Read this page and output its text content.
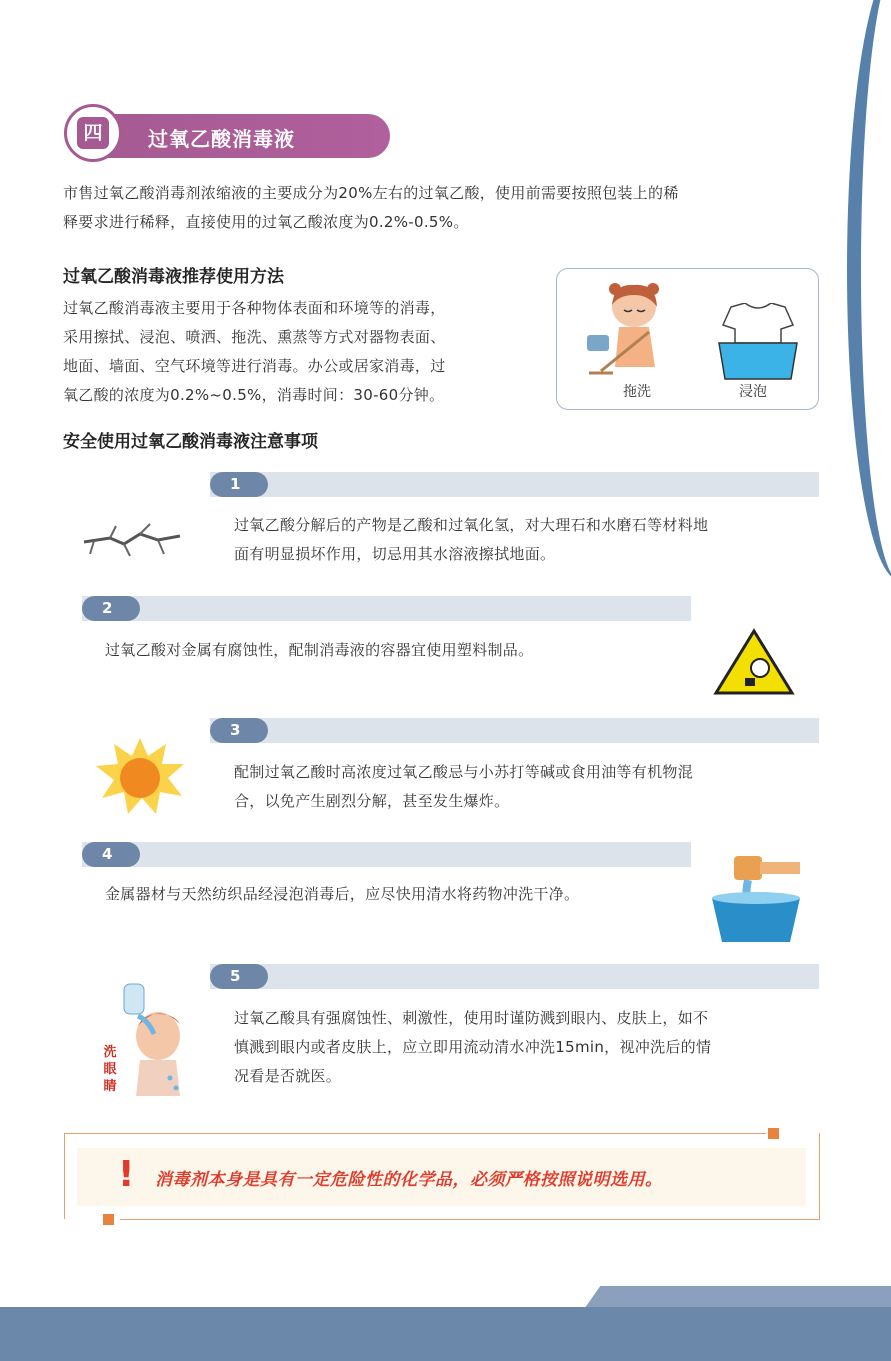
四	过氧乙酸消毒液
市售过氧乙酸消毒剂浓缩液的主要成分为20%左右的过氧乙酸，使用前需要按照包装上的稀
释要求进行稀释，直接使用的过氧乙酸浓度为0.2%-0.5%。
过氧乙酸消毒液推荐使用方法
过氧乙酸消毒液主要用于各种物体表面和环境等的消毒，
采用擦拭、浸泡、喷洒、拖洗、熏蒸等方式对器物表面、
地面、墙面、空气环境等进行消毒。办公或居家消毒，过
氧乙酸的浓度为0.2%~0.5%，消毒时间：30-60分钟。	拖洗	浸泡
安全使用过氧乙酸消毒液注意事项
1
过氧乙酸分解后的产物是乙酸和过氧化氢，对大理石和水磨石等材料地
面有明显损坏作用，切忌用其水溶液擦拭地面。
2
过氧乙酸对金属有腐蚀性，配制消毒液的容器宜使用塑料制品。
3
配制过氧乙酸时高浓度过氧乙酸忌与小苏打等碱或食用油等有机物混
合，以免产生剧烈分解，甚至发生爆炸。
4
金属器材与天然纺织品经浸泡消毒后，应尽快用清水将药物冲洗干净。
5
过氧乙酸具有强腐蚀性、刺激性，使用时谨防溅到眼内、皮肤上，如不
慎溅到眼内或者皮肤上，应立即用流动清水冲洗15min，视冲洗后的情
况看是否就医。
洗
眼
睛
! 消毒剂本身是具有一定危险性的化学品，必须严格按照说明选用。
